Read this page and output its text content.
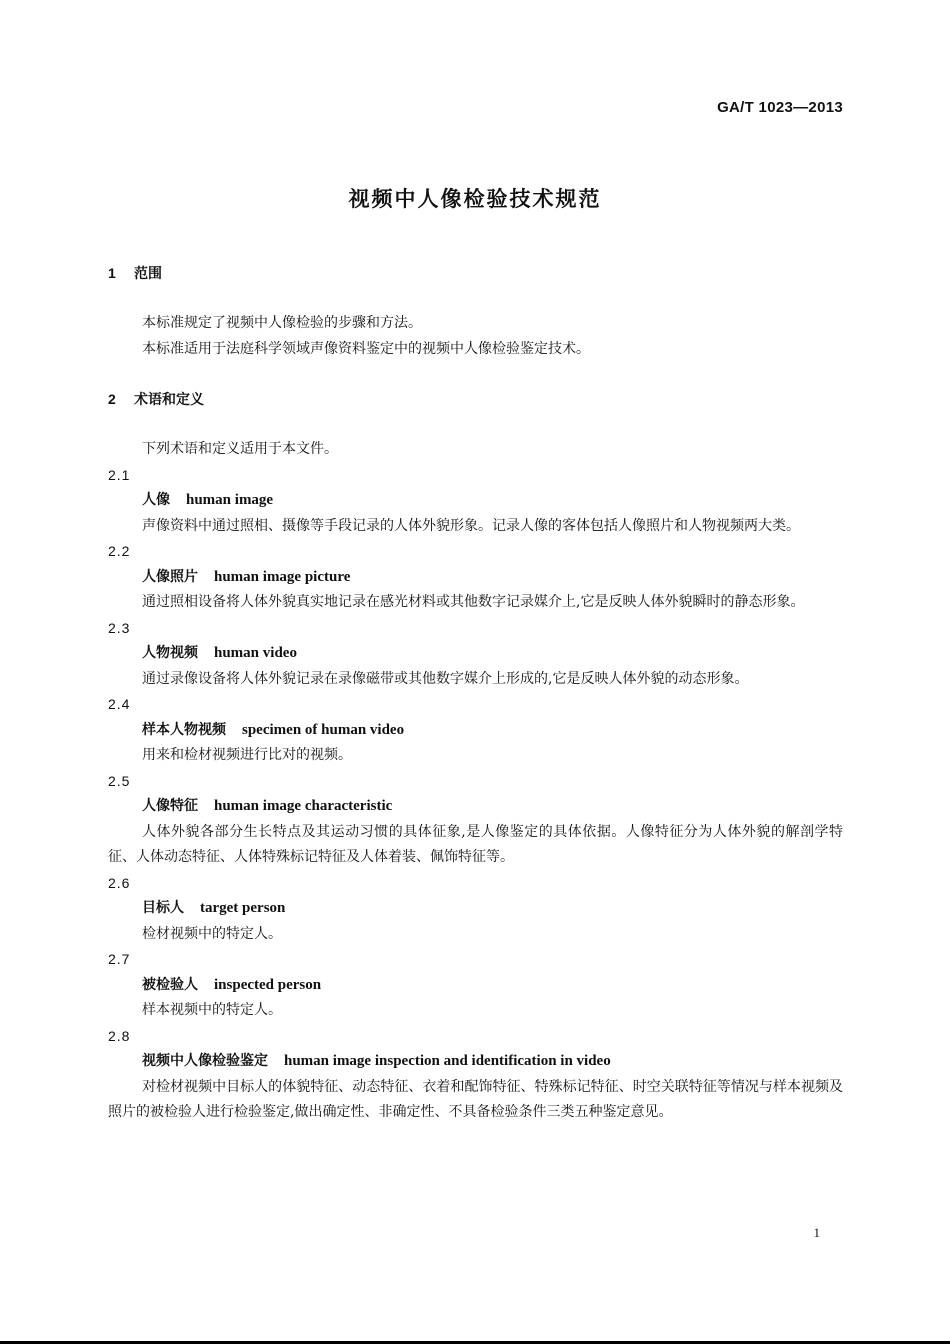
GA/T 1023—2013
视频中人像检验技术规范
1 范围

本标准规定了视频中人像检验的步骤和方法。

本标准适用于法庭科学领域声像资料鉴定中的视频中人像检验鉴定技术。

2 术语和定义

下列术语和定义适用于本文件。

2.1
人像 human image

声像资料中通过照相、摄像等手段记录的人体外貌形象。记录人像的客体包括人像照片和人物视频两大类。

2.2
人像照片 human image picture

通过照相设备将人体外貌真实地记录在感光材料或其他数字记录媒介上,它是反映人体外貌瞬时的静态形象。

2.3
人物视频 human video

通过录像设备将人体外貌记录在录像磁带或其他数字媒介上形成的,它是反映人体外貌的动态形象。

2.4
样本人物视频 specimen of human video

用来和检材视频进行比对的视频。

2.5
人像特征 human image characteristic

人体外貌各部分生长特点及其运动习惯的具体征象,是人像鉴定的具体依据。人像特征分为人体外貌的解剖学特征、人体动态特征、人体特殊标记特征及人体着装、佩饰特征等。

2.6
目标人 target person

检材视频中的特定人。

2.7
被检验人 inspected person

样本视频中的特定人。

2.8
视频中人像检验鉴定 human image inspection and identification in video

对检材视频中目标人的体貌特征、动态特征、衣着和配饰特征、特殊标记特征、时空关联特征等情况与样本视频及照片的被检验人进行检验鉴定,做出确定性、非确定性、不具备检验条件三类五种鉴定意见。

1
